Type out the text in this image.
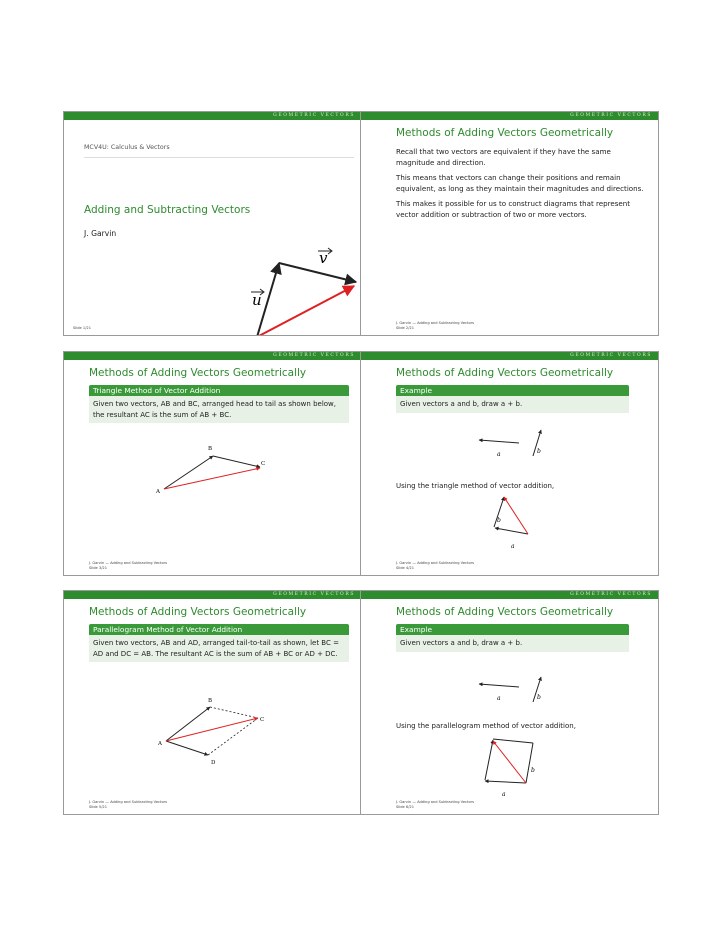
GEOMETRIC VECTORS
MCV4U: Calculus & Vectors
Adding and Subtracting Vectors
J. Garvin
v
u
Slide 1/21
GEOMETRIC VECTORS
Methods of Adding Vectors Geometrically

Recall that two vectors are equivalent if they have the same magnitude and direction.

This means that vectors can change their positions and remain equivalent, as long as they maintain their magnitudes and directions.

This makes it possible for us to construct diagrams that represent vector addition or subtraction of two or more vectors.

J. Garvin — Adding and Subtracting Vectors
Slide 2/21
GEOMETRIC VECTORS
Methods of Adding Vectors Geometrically
Triangle Method of Vector Addition
Given two vectors, AB and BC, arranged head to tail as shown below, the resultant AC is the sum of AB + BC.
A
B
C
J. Garvin — Adding and Subtracting Vectors
Slide 3/21
GEOMETRIC VECTORS
Methods of Adding Vectors Geometrically
Example
Given vectors a and b, draw a + b.
a	b
Using the triangle method of vector addition,
b
a
J. Garvin — Adding and Subtracting Vectors
Slide 4/21
GEOMETRIC VECTORS
Methods of Adding Vectors Geometrically
Parallelogram Method of Vector Addition
Given two vectors, AB and AD, arranged tail-to-tail as shown, let BC = AD and DC = AB. The resultant AC is the sum of AB + BC or AD + DC.
A
B
C
D
J. Garvin — Adding and Subtracting Vectors
Slide 5/21
GEOMETRIC VECTORS
Methods of Adding Vectors Geometrically
Example
Given vectors a and b, draw a + b.
a	b
Using the parallelogram method of vector addition,
b
a
J. Garvin — Adding and Subtracting Vectors
Slide 6/21
